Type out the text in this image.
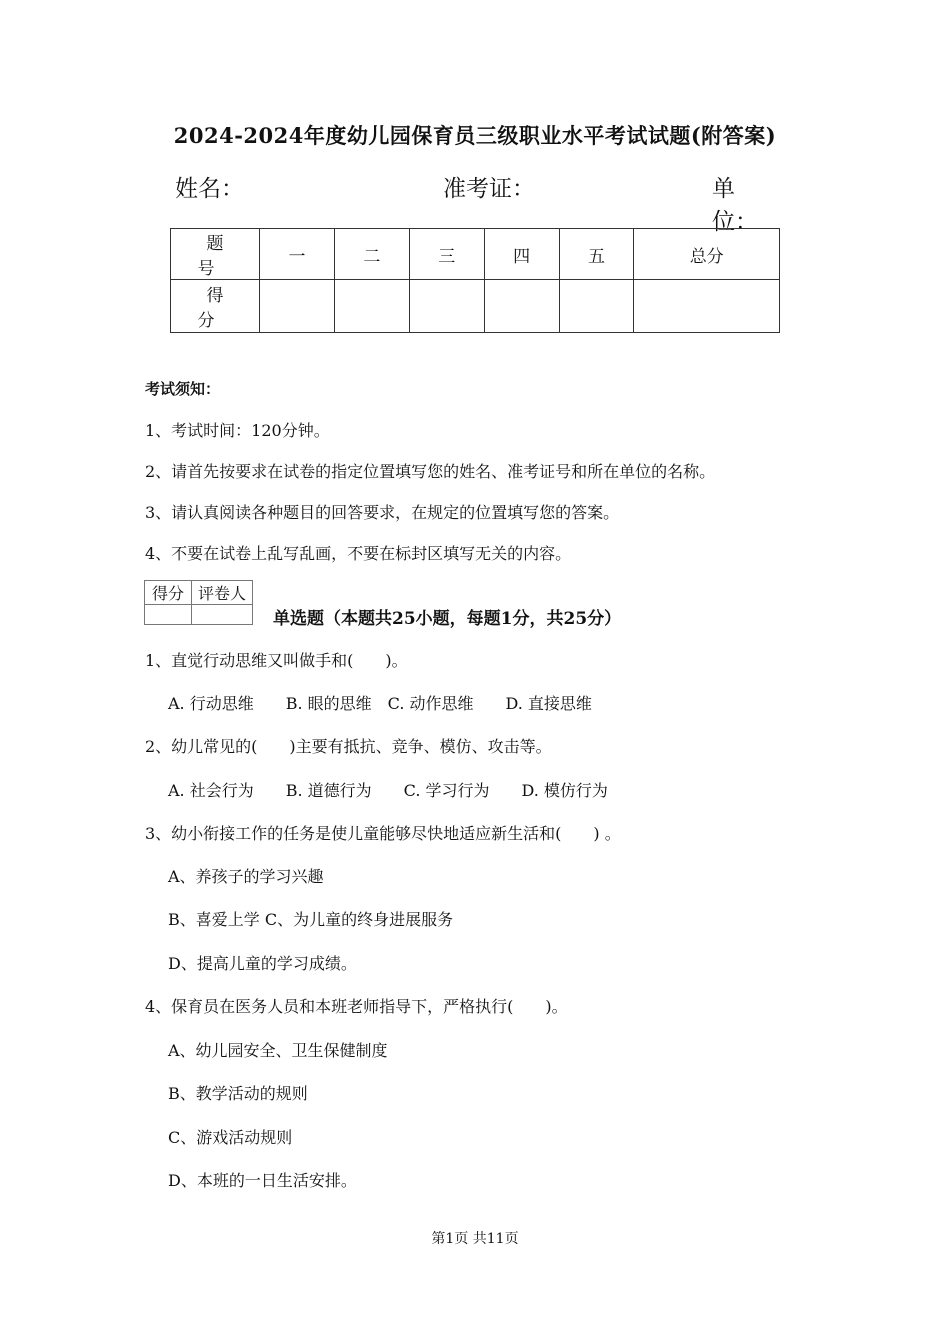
2024-2024年度幼儿园保育员三级职业水平考试试题(附答案)
姓名：	准考证：	单位：
题　号	一	二	三	四	五	总分
得　分						
考试须知：
1、考试时间：120分钟。
2、请首先按要求在试卷的指定位置填写您的姓名、准考证号和所在单位的名称。
3、请认真阅读各种题目的回答要求，在规定的位置填写您的答案。
4、不要在试卷上乱写乱画，不要在标封区填写无关的内容。
得分	评卷人

单选题（本题共25小题，每题1分，共25分）
1、直觉行动思维又叫做手和(　　)。
A. 行动思维　　B. 眼的思维　C. 动作思维　　D. 直接思维
2、幼儿常见的(　　)主要有抵抗、竞争、模仿、攻击等。
A. 社会行为　　B. 道德行为　　C. 学习行为　　D. 模仿行为
3、幼小衔接工作的任务是使儿童能够尽快地适应新生活和(　　) 。
A、养孩子的学习兴趣
B、喜爱上学 C、为儿童的终身进展服务
D、提高儿童的学习成绩。
4、保育员在医务人员和本班老师指导下，严格执行(　　)。
A、幼儿园安全、卫生保健制度
B、教学活动的规则
C、游戏活动规则
D、本班的一日生活安排。
第1页 共11页
